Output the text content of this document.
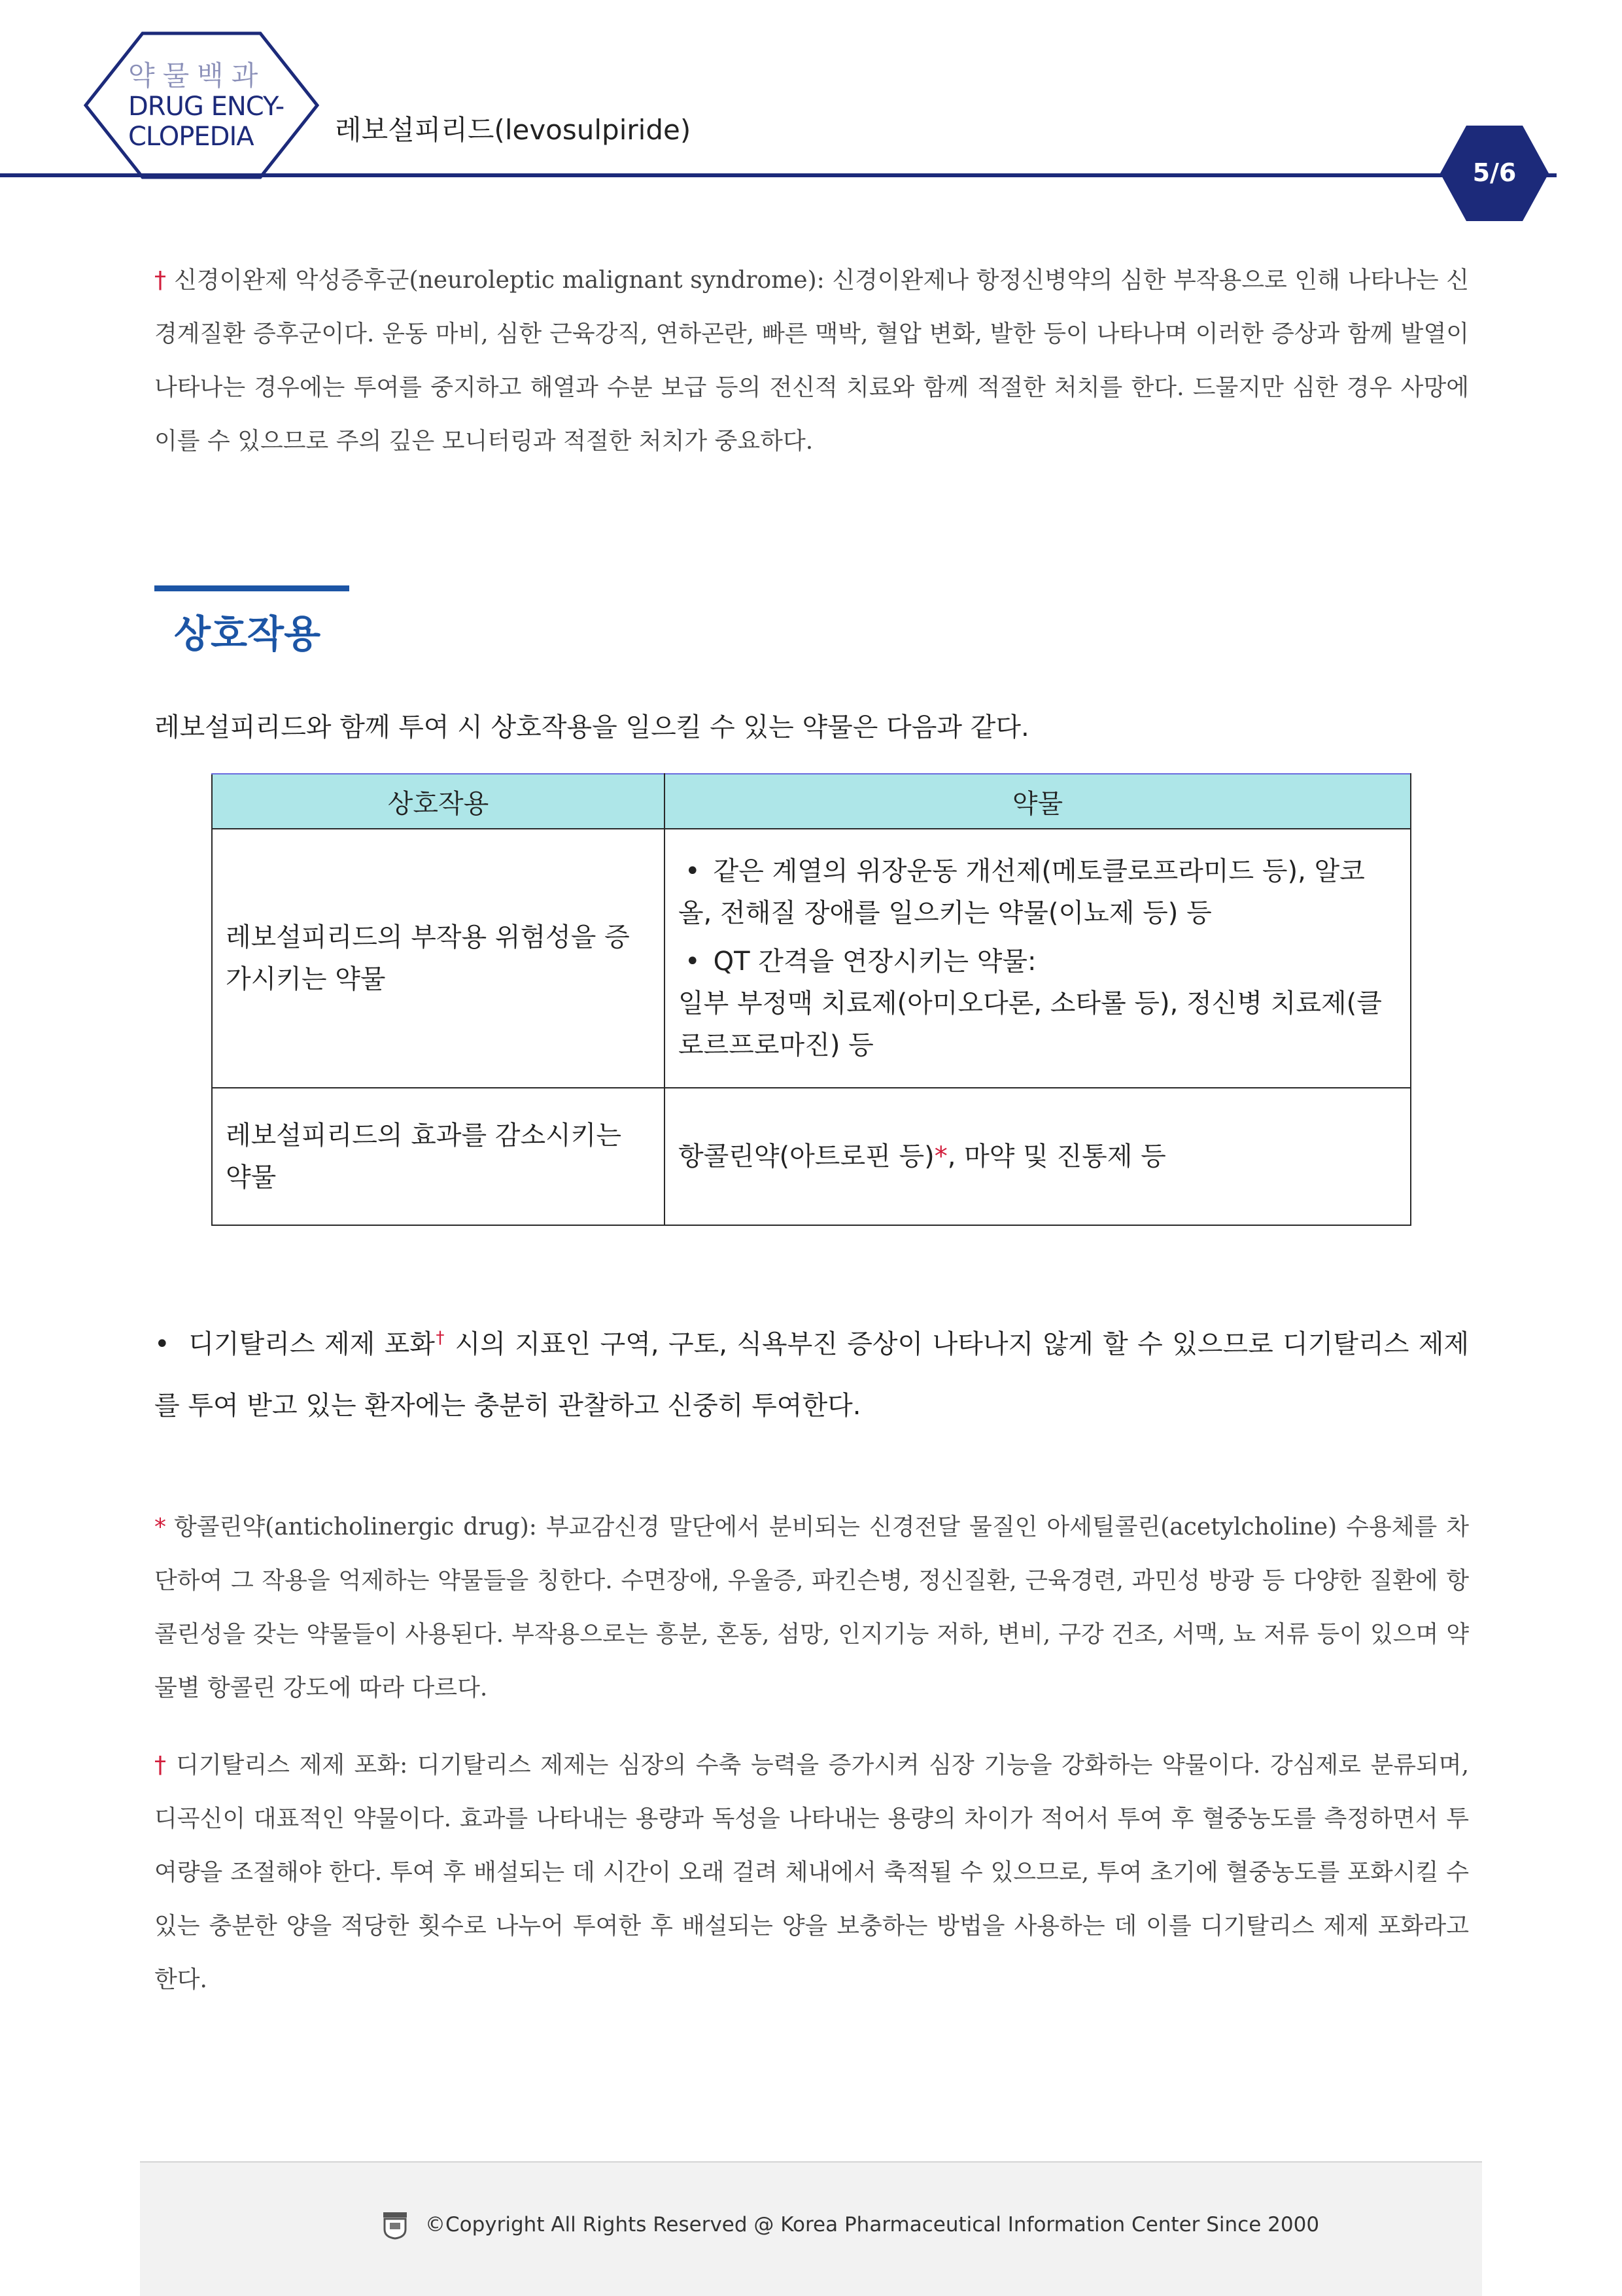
약물백과
DRUG ENCY-
CLOPEDIA	레보설피리드(levosulpiride)
5/6
† 신경이완제 악성증후군(neuroleptic malignant syndrome): 신경이완제나 항정신병약의 심한 부작용으로 인해 나타나는 신경계질환 증후군이다. 운동 마비, 심한 근육강직, 연하곤란, 빠른 맥박, 혈압 변화, 발한 등이 나타나며 이러한 증상과 함께 발열이 나타나는 경우에는 투여를 중지하고 해열과 수분 보급 등의 전신적 치료와 함께 적절한 처치를 한다. 드물지만 심한 경우 사망에 이를 수 있으므로 주의 깊은 모니터링과 적절한 처치가 중요하다.
상호작용
레보설피리드와 함께 투여 시 상호작용을 일으킬 수 있는 약물은 다음과 같다.
상호작용	약물
레보설피리드의 부작용 위험성을 증가시키는 약물	• 같은 계열의 위장운동 개선제(메토클로프라미드 등), 알코올, 전해질 장애를 일으키는 약물(이뇨제 등) 등
• QT 간격을 연장시키는 약물:
일부 부정맥 치료제(아미오다론, 소타롤 등), 정신병 치료제(클로르프로마진) 등

레보설피리드의 효과를 감소시키는 약물	항콜린약(아트로핀 등)*, 마약 및 진통제 등
• 디기탈리스 제제 포화† 시의 지표인 구역, 구토, 식욕부진 증상이 나타나지 않게 할 수 있으므로 디기탈리스 제제를 투여 받고 있는 환자에는 충분히 관찰하고 신중히 투여한다.
* 항콜린약(anticholinergic drug): 부교감신경 말단에서 분비되는 신경전달 물질인 아세틸콜린(acetylcholine) 수용체를 차단하여 그 작용을 억제하는 약물들을 칭한다. 수면장애, 우울증, 파킨슨병, 정신질환, 근육경련, 과민성 방광 등 다양한 질환에 항콜린성을 갖는 약물들이 사용된다. 부작용으로는 흥분, 혼동, 섬망, 인지기능 저하, 변비, 구강 건조, 서맥, 뇨 저류 등이 있으며 약물별 항콜린 강도에 따라 다르다.
† 디기탈리스 제제 포화: 디기탈리스 제제는 심장의 수축 능력을 증가시켜 심장 기능을 강화하는 약물이다. 강심제로 분류되며, 디곡신이 대표적인 약물이다. 효과를 나타내는 용량과 독성을 나타내는 용량의 차이가 적어서 투여 후 혈중농도를 측정하면서 투여량을 조절해야 한다. 투여 후 배설되는 데 시간이 오래 걸려 체내에서 축적될 수 있으므로, 투여 초기에 혈중농도를 포화시킬 수 있는 충분한 양을 적당한 횟수로 나누어 투여한 후 배설되는 양을 보충하는 방법을 사용하는 데 이를 디기탈리스 제제 포화라고 한다.
©Copyright All Rights Reserved @ Korea Pharmaceutical Information Center Since 2000
